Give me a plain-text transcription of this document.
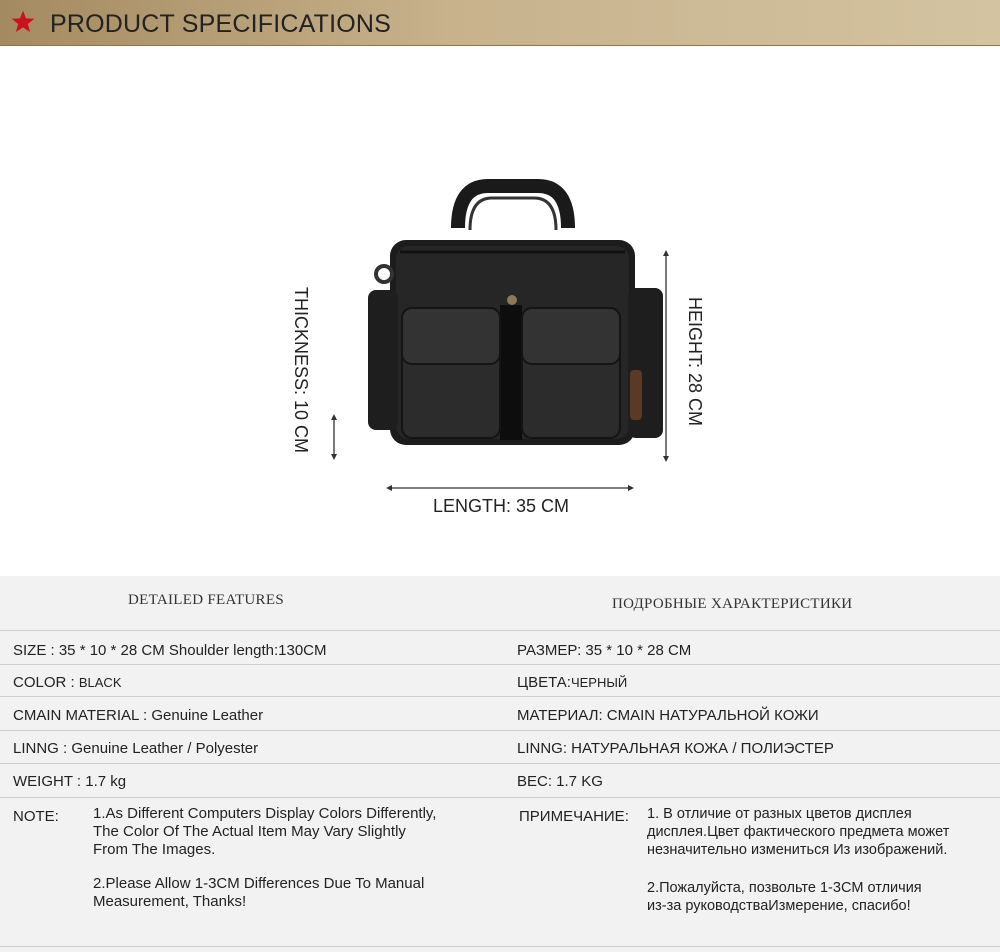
PRODUCT SPECIFICATIONS
THICKNESS: 10 CM	HEIGHT: 28 CM
LENGTH: 35 CM
DETAILED FEATURES	ПОДРОБНЫЕ ХАРАКТЕРИСТИКИ
SIZE : 35 * 10 * 28 CM Shoulder length:130CM	РАЗМЕР: 35 * 10 * 28 CM
COLOR : BLACK	ЦВЕТА:ЧЕРНЫЙ
CMAIN MATERIAL : Genuine Leather	МАТЕРИАЛ: CMAIN НАТУРАЛЬНОЙ КОЖИ
LINNG : Genuine Leather / Polyester	LINNG: НАТУРАЛЬНАЯ КОЖА / ПОЛИЭСТЕР
WEIGHT : 1.7 kg	ВЕС: 1.7 KG
NOTE: 1.As Different Computers Display Colors Differently,
The Color Of The Actual Item May Vary Slightly
From The Images.
2.Please Allow 1-3CM Differences Due To Manual
Measurement, Thanks!
ПРИМЕЧАНИЕ: 1. В отличие от разных цветов дисплея
дисплея.Цвет фактического предмета может
незначительно измениться Из изображений.
2.Пожалуйста, позвольте 1-3CM отличия
из-за руководстваИзмерение, спасибо!
